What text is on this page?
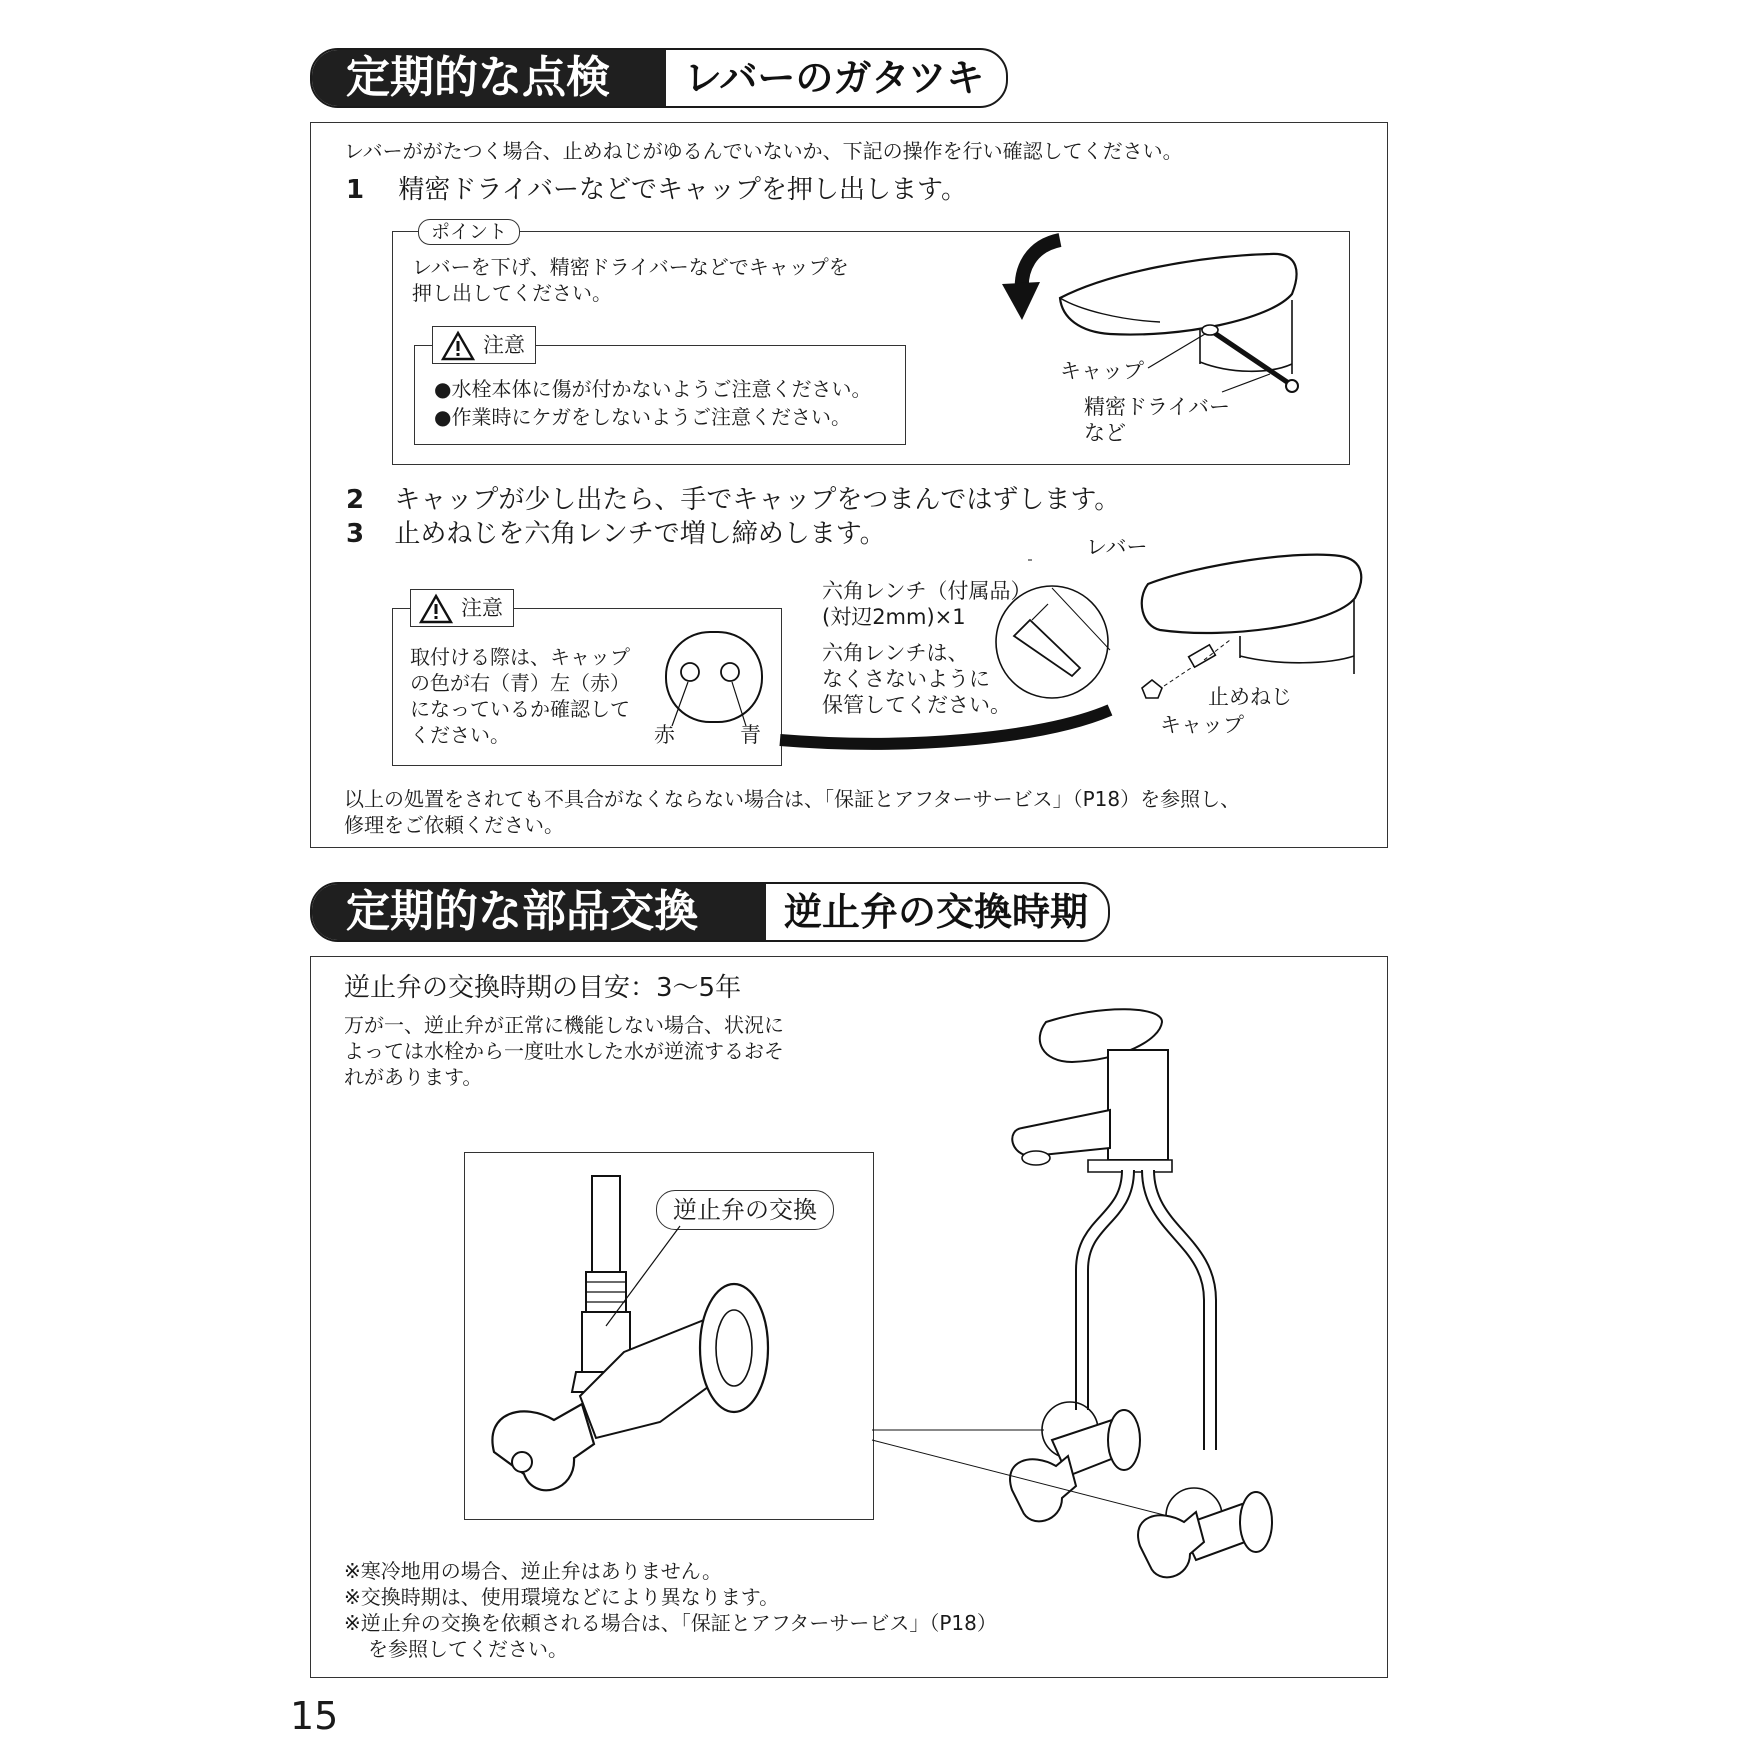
定期的な点検	レバーのガタツキ
レバーががたつく場合、止めねじがゆるんでいないか、下記の操作を行い確認してください。
1 精密ドライバーなどでキャップを押し出します。
ポイント
レバーを下げ、精密ドライバーなどでキャップを
押し出してください。
注意
●水栓本体に傷が付かないようご注意ください。
●作業時にケガをしないようご注意ください。
キャップ
精密ドライバー
など
2 キャップが少し出たら、手でキャップをつまんではずします。
3 止めねじを六角レンチで増し締めします。
注意
取付ける際は、キャップ
の色が右（青）左（赤）
になっているか確認して
ください。	赤	青
六角レンチ（付属品）
(対辺2mm)×1
六角レンチは、
なくさないように
保管してください。
レバー
止めねじ
キャップ
以上の処置をされても不具合がなくならない場合は、「保証とアフターサービス」（P18）を参照し、
修理をご依頼ください。
定期的な部品交換	逆止弁の交換時期
逆止弁の交換時期の目安：3〜5年
万が一、逆止弁が正常に機能しない場合、状況に
よっては水栓から一度吐水した水が逆流するおそ
れがあります。
逆止弁の交換
※寒冷地用の場合、逆止弁はありません。
※交換時期は、使用環境などにより異なります。
※逆止弁の交換を依頼される場合は、「保証とアフターサービス」（P18）
を参照してください。
15
